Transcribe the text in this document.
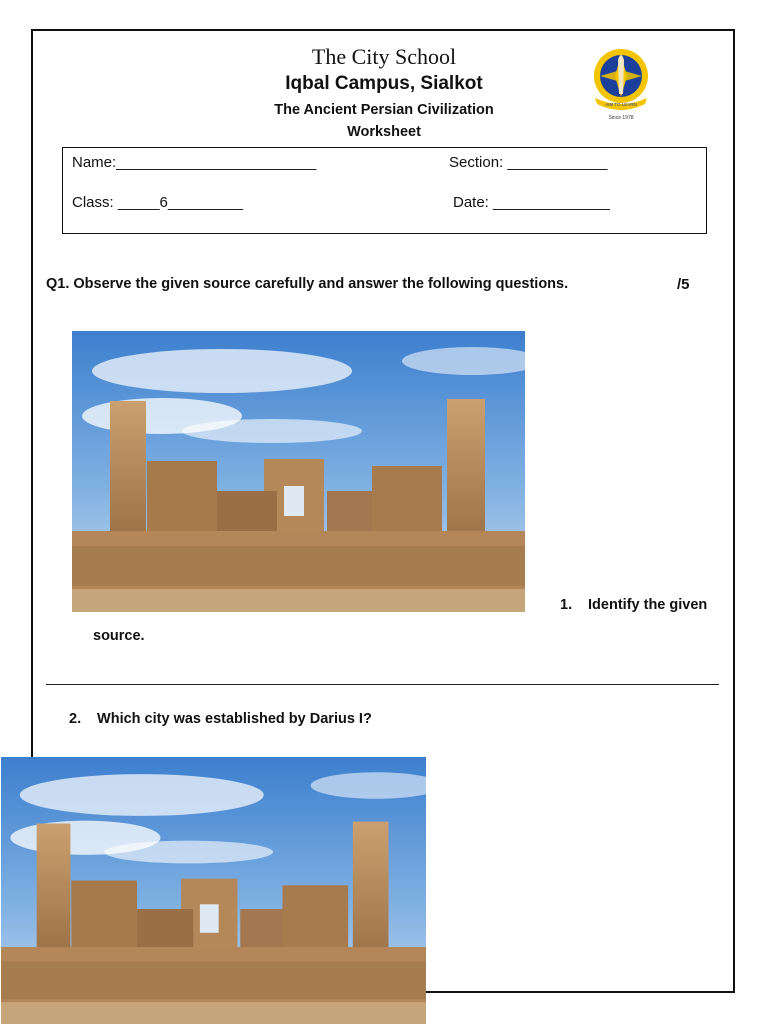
The City School
Iqbal Campus, Sialkot
The Ancient Persian Civilization
Worksheet
AIM TO LEARN
Since 1978
Name:________________________	Section: ____________
Class: _____6_________	Date: ______________
Q1. Observe the given source carefully and answer the following questions.	/5
1. Identify the given
source.
2. Which city was established by Darius I?
